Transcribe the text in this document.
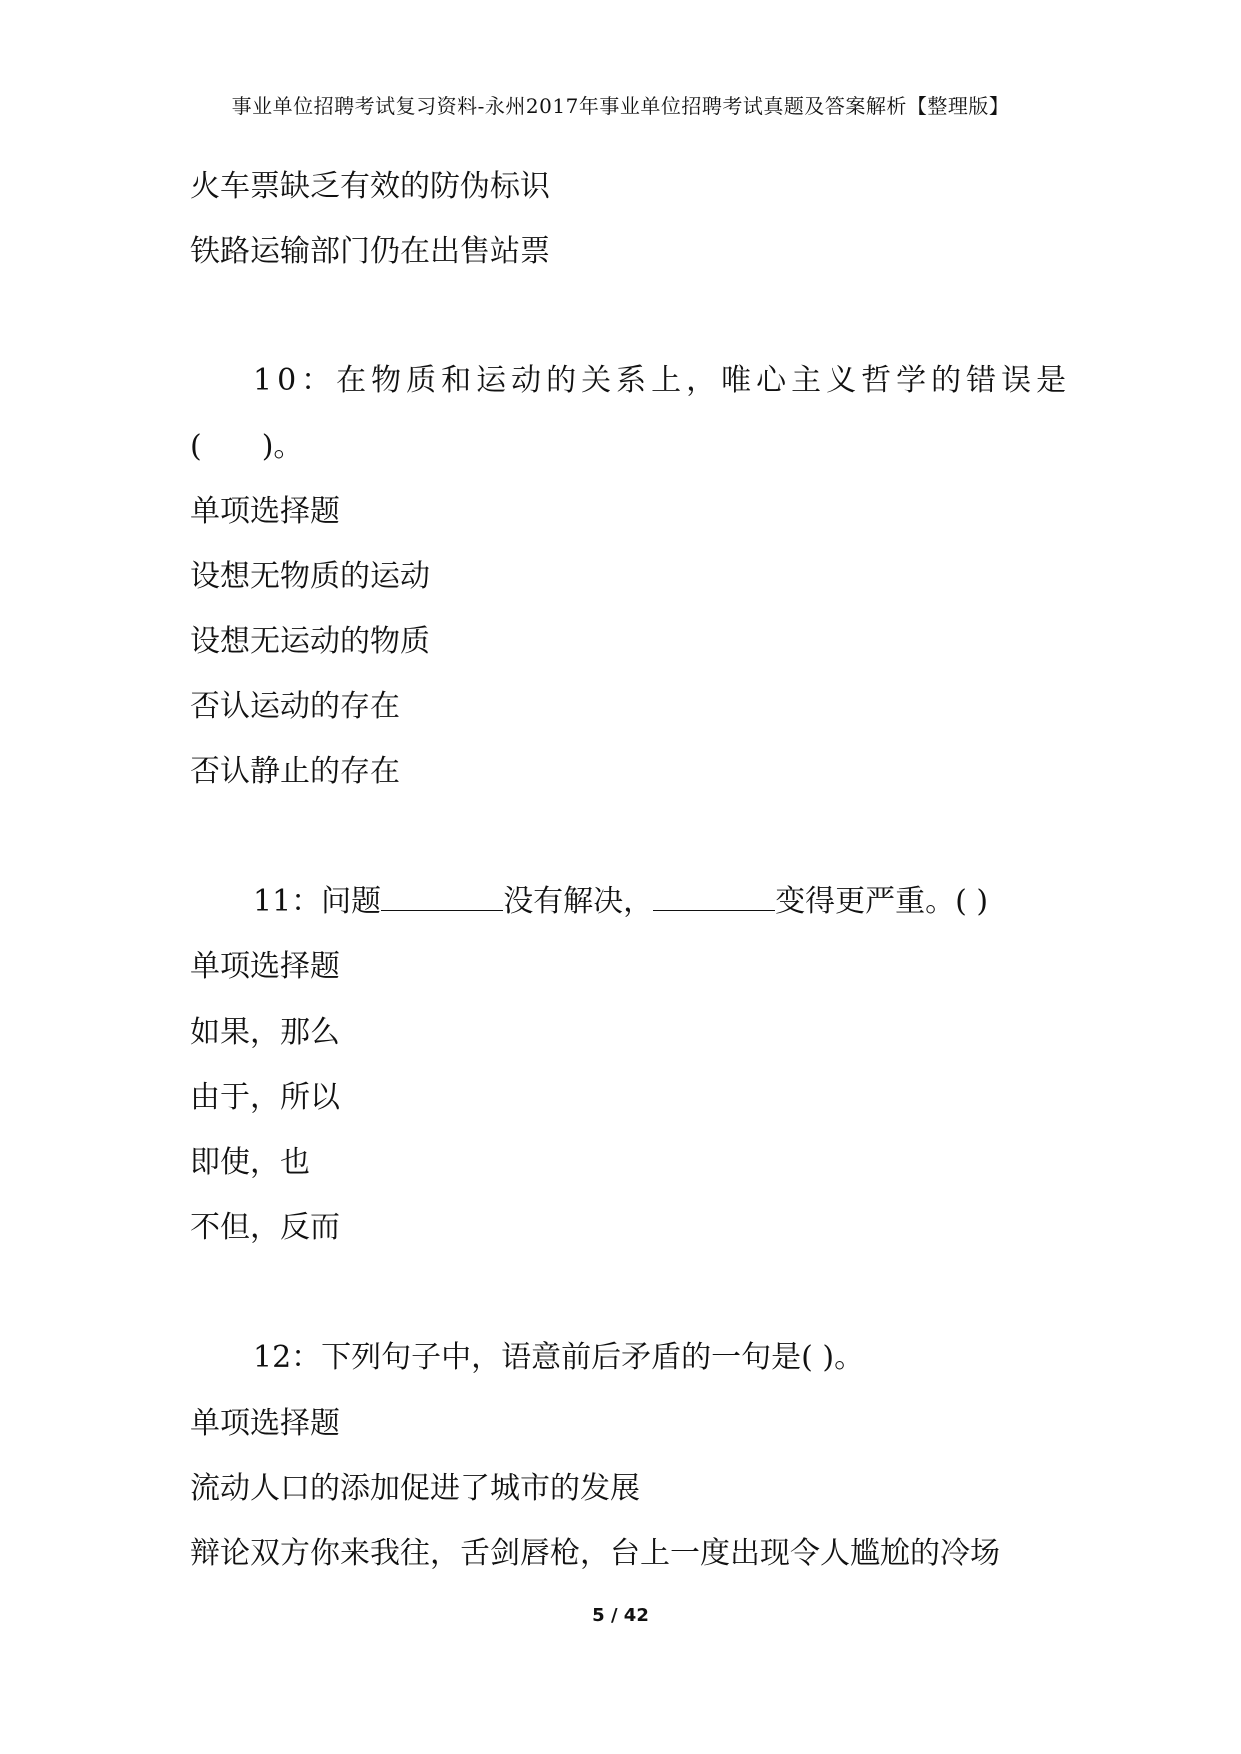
事业单位招聘考试复习资料-永州2017年事业单位招聘考试真题及答案解析【整理版】
火车票缺乏有效的防伪标识
铁路运输部门仍在出售站票
10：在物质和运动的关系上，唯心主义哲学的错误是
(　　)。
单项选择题
设想无物质的运动
设想无运动的物质
否认运动的存在
否认静止的存在
11：问题	没有解决，	变得更严重。( )
单项选择题
如果，那么
由于，所以
即使，也
不但，反而
12：下列句子中，语意前后矛盾的一句是( )。
单项选择题
流动人口的添加促进了城市的发展
辩论双方你来我往，舌剑唇枪，台上一度出现令人尴尬的冷场
5 / 42
